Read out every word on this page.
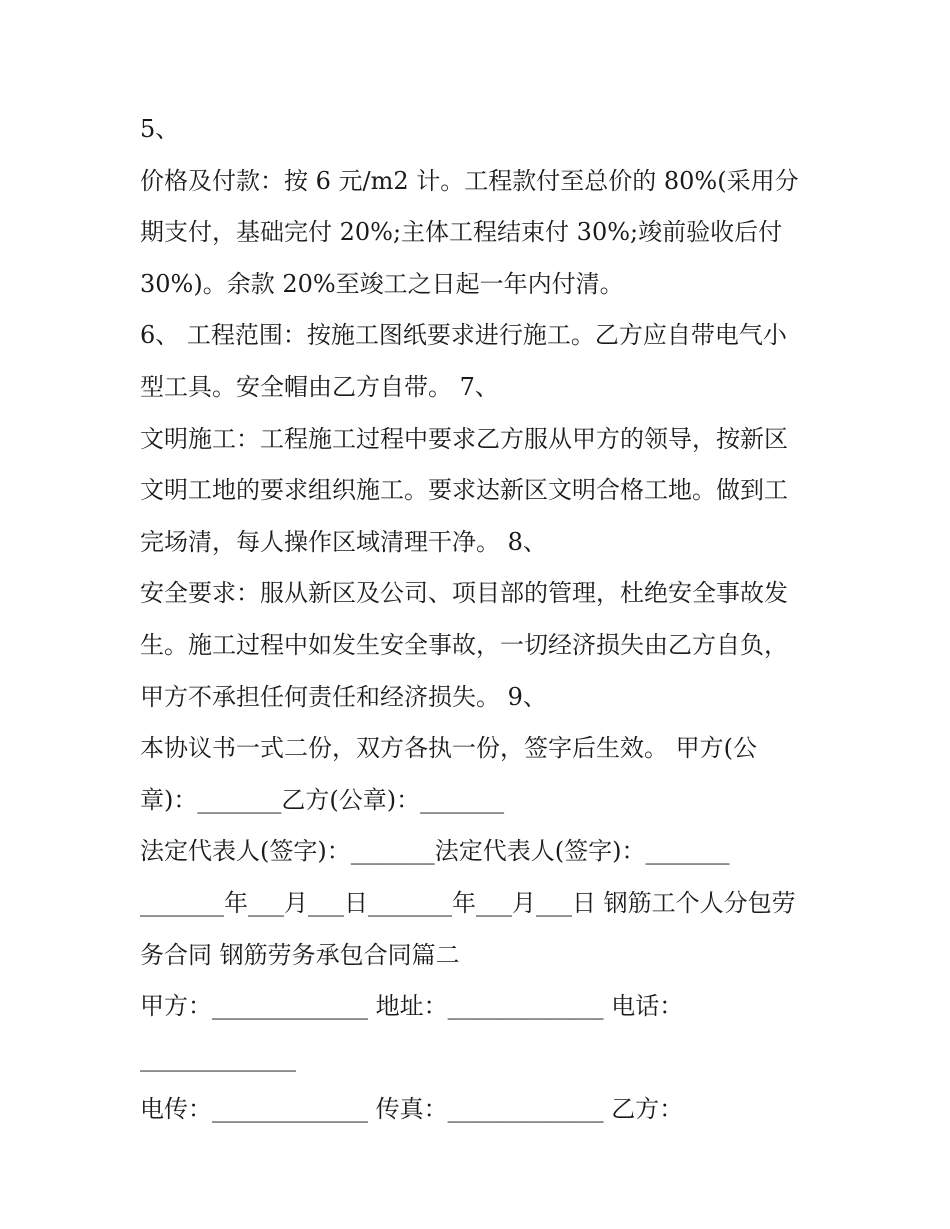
5、
价格及付款：按 6 元/m2 计。工程款付至总价的 80%(采用分
期支付，基础完付 20%;主体工程结束付 30%;竣前验收后付
30%)。余款 20%至竣工之日起一年内付清。
6、 工程范围：按施工图纸要求进行施工。乙方应自带电气小
型工具。安全帽由乙方自带。 7、
文明施工：工程施工过程中要求乙方服从甲方的领导，按新区
文明工地的要求组织施工。要求达新区文明合格工地。做到工
完场清，每人操作区域清理干净。 8、
安全要求：服从新区及公司、项目部的管理，杜绝安全事故发
生。施工过程中如发生安全事故，一切经济损失由乙方自负，
甲方不承担任何责任和经济损失。 9、
本协议书一式二份，双方各执一份，签字后生效。 甲方(公
章)：_______乙方(公章)：_______
法定代表人(签字)：_______法定代表人(签字)：_______
_______年___月___日_______年___月___日 钢筋工个人分包劳
务合同 钢筋劳务承包合同篇二
甲方：_____________ 地址：_____________ 电话：
_____________
电传：_____________ 传真：_____________ 乙方：
